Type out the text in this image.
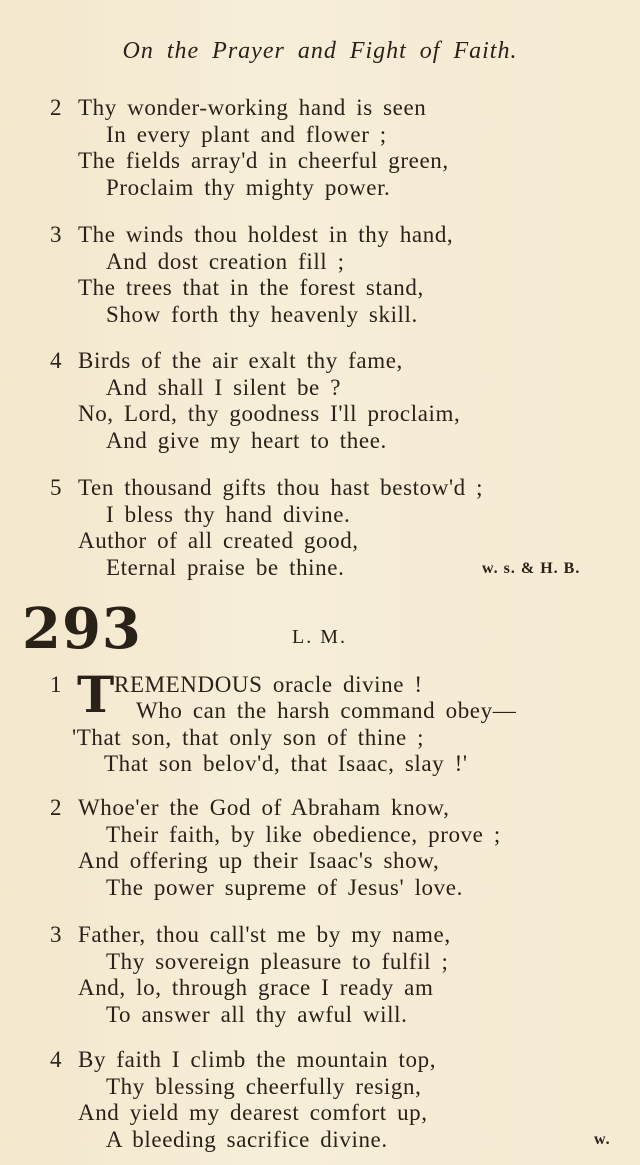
On the Prayer and Fight of Faith.
2 Thy wonder-working hand is seen
In every plant and flower ;
The fields array'd in cheerful green,
Proclaim thy mighty power.
3 The winds thou holdest in thy hand,
And dost creation fill ;
The trees that in the forest stand,
Show forth thy heavenly skill.
4 Birds of the air exalt thy fame,
And shall I silent be ?
No, Lord, thy goodness I'll proclaim,
And give my heart to thee.
5 Ten thousand gifts thou hast bestow'd ;
I bless thy hand divine.
Author of all created good,
Eternal praise be thine.	w. s. & H. B.
293	L. M.
1 T REMENDOUS oracle divine !
Who can the harsh command obey—
'That son, that only son of thine ;
That son belov'd, that Isaac, slay !'
2 Whoe'er the God of Abraham know,
Their faith, by like obedience, prove ;
And offering up their Isaac's show,
The power supreme of Jesus' love.
3 Father, thou call'st me by my name,
Thy sovereign pleasure to fulfil ;
And, lo, through grace I ready am
To answer all thy awful will.
4 By faith I climb the mountain top,
Thy blessing cheerfully resign,
And yield my dearest comfort up,
A bleeding sacrifice divine.	w.
